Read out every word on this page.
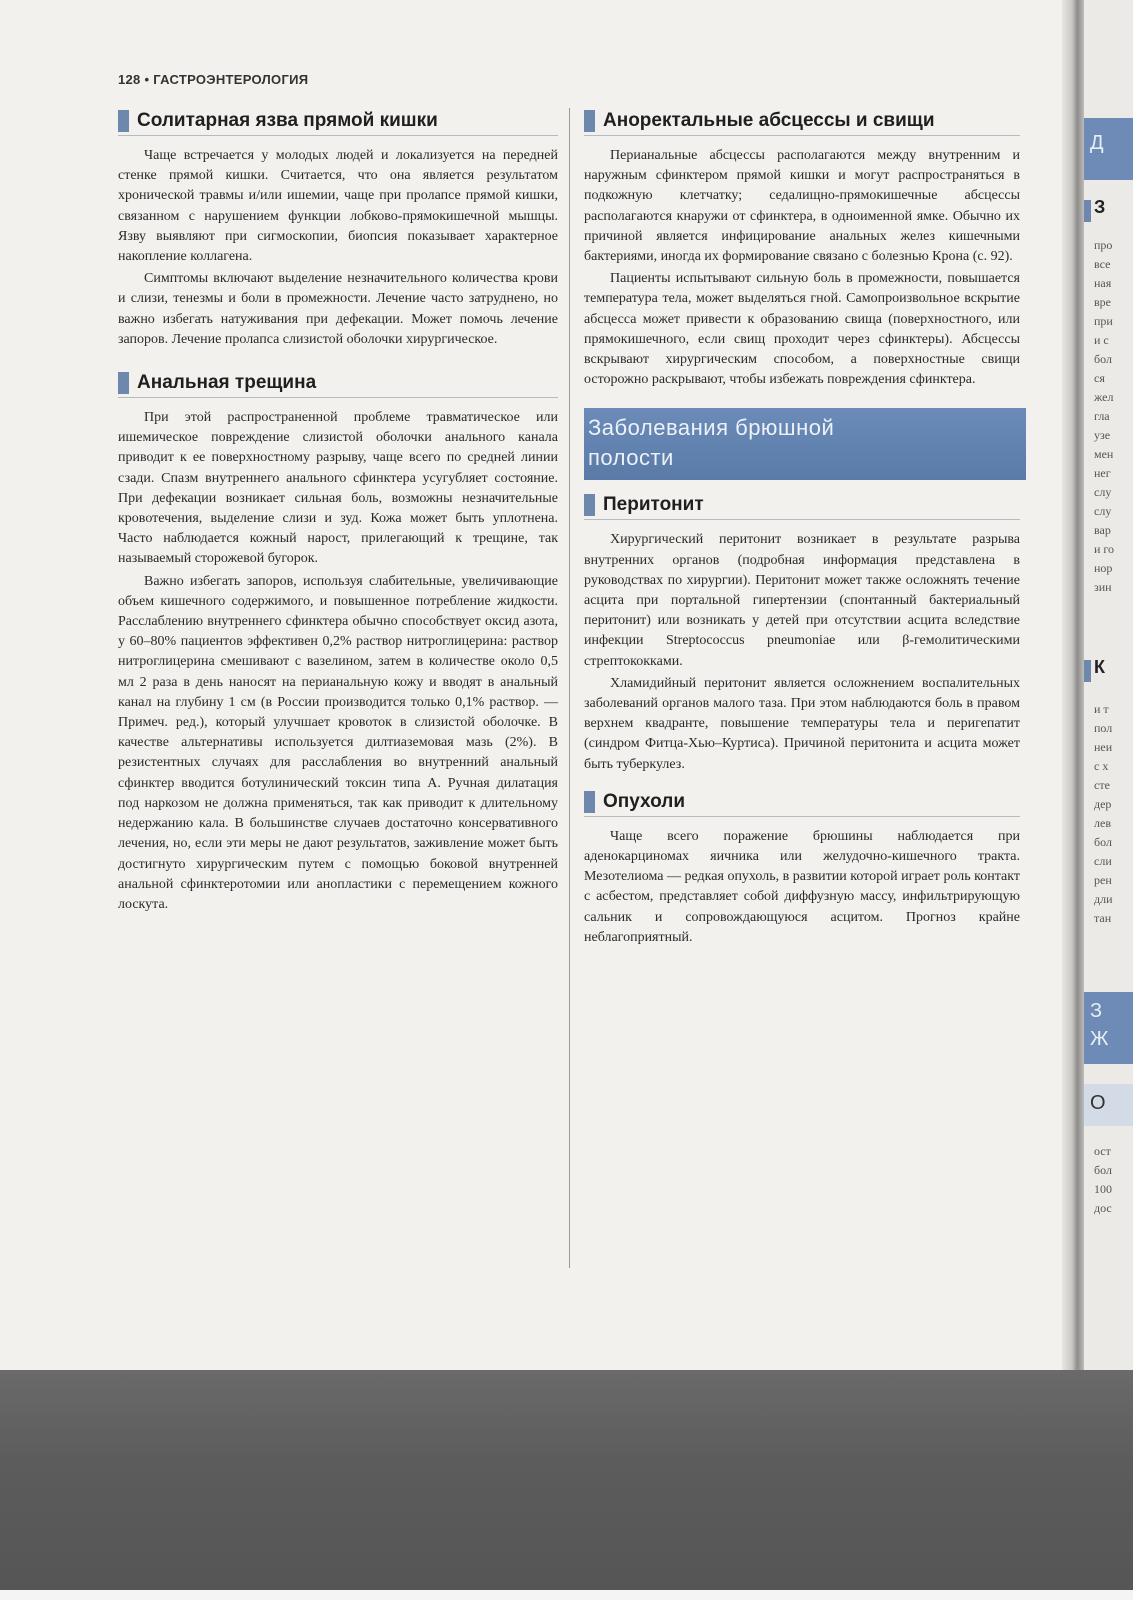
128 • ГАСТРОЭНТЕРОЛОГИЯ
Солитарная язва прямой кишки

Чаще встречается у молодых людей и локализуется на передней стенке прямой кишки. Считается, что она является результатом хронической травмы и/или ишемии, чаще при пролапсе прямой кишки, связанном с нарушением функции лобково-прямокишечной мышцы. Язву выявляют при сигмоскопии, биопсия показывает характерное накопление коллагена.

Симптомы включают выделение незначительного количества крови и слизи, тенезмы и боли в промежности. Лечение часто затруднено, но важно избегать натуживания при дефекации. Может помочь лечение запоров. Лечение пролапса слизистой оболочки хирургическое.

Анальная трещина

При этой распространенной проблеме травматическое или ишемическое повреждение слизистой оболочки анального канала приводит к ее поверхностному разрыву, чаще всего по средней линии сзади. Спазм внутреннего анального сфинктера усугубляет состояние. При дефекации возникает сильная боль, возможны незначительные кровотечения, выделение слизи и зуд. Кожа может быть уплотнена. Часто наблюдается кожный нарост, прилегающий к трещине, так называемый сторожевой бугорок.

Важно избегать запоров, используя слабительные, увеличивающие объем кишечного содержимого, и повышенное потребление жидкости. Расслаблению внутреннего сфинктера обычно способствует оксид азота, у 60–80% пациентов эффективен 0,2% раствор нитроглицерина: раствор нитроглицерина смешивают с вазелином, затем в количестве около 0,5 мл 2 раза в день наносят на перианальную кожу и вводят в анальный канал на глубину 1 см (в России производится только 0,1% раствор. — Примеч. ред.), который улучшает кровоток в слизистой оболочке. В качестве альтернативы используется дилтиаземовая мазь (2%). В резистентных случаях для расслабления во внутренний анальный сфинктер вводится ботулинический токсин типа А. Ручная дилатация под наркозом не должна применяться, так как приводит к длительному недержанию кала. В большинстве случаев достаточно консервативного лечения, но, если эти меры не дают результатов, заживление может быть достигнуто хирургическим путем с помощью боковой внутренней анальной сфинктеротомии или анопластики с перемещением кожного лоскута.

Аноректальные абсцессы и свищи

Перианальные абсцессы располагаются между внутренним и наружным сфинктером прямой кишки и могут распространяться в подкожную клетчатку; седалищно-прямокишечные абсцессы располагаются кнаружи от сфинктера, в одноименной ямке. Обычно их причиной является инфицирование анальных желез кишечными бактериями, иногда их формирование связано с болезнью Крона (с. 92).

Пациенты испытывают сильную боль в промежности, повышается температура тела, может выделяться гной. Самопроизвольное вскрытие абсцесса может привести к образованию свища (поверхностного, или прямокишечного, если свищ проходит через сфинктеры). Абсцессы вскрывают хирургическим способом, а поверхностные свищи осторожно раскрывают, чтобы избежать повреждения сфинктера.

Заболевания брюшной
полости
Перитонит

Хирургический перитонит возникает в результате разрыва внутренних органов (подробная информация представлена в руководствах по хирургии). Перитонит может также осложнять течение асцита при портальной гипертензии (спонтанный бактериальный перитонит) или возникать у детей при отсутствии асцита вследствие инфекции Streptococcus pneumoniae или β-гемолитическими стрептококками.

Хламидийный перитонит является осложнением воспалительных заболеваний органов малого таза. При этом наблюдаются боль в правом верхнем квадранте, повышение температуры тела и перигепатит (синдром Фитца-Хью–Куртиса). Причиной перитонита и асцита может быть туберкулез.

Опухоли

Чаще всего поражение брюшины наблюдается при аденокарциномах яичника или желудочно-кишечного тракта. Мезотелиома — редкая опухоль, в развитии которой играет роль контакт с асбестом, представляет собой диффузную массу, инфильтрирующую сальник и сопровождающуюся асцитом. Прогноз крайне неблагоприятный.

Д
З
про
все
ная
вре
при
и с
бол
ся
жел
гла
узе
мен
нег
слу
слу
вар
и го
нор
зин
К
и т
пол
неи
с х
сте
дер
лев
бол
сли
рен
дли
тан
З
Ж
О
ост
бол
100
дос
